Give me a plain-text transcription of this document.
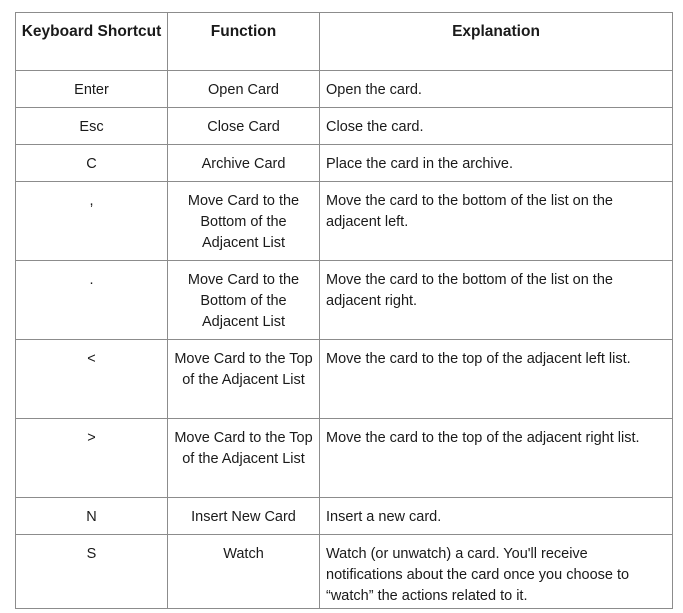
Keyboard Shortcut	Function	Explanation
Enter	Open Card	Open the card.
Esc	Close Card	Close the card.
C	Archive Card	Place the card in the archive.
,	Move Card to the Bottom of the Adjacent List	Move the card to the bottom of the list on the adjacent left.
.	Move Card to the Bottom of the Adjacent List	Move the card to the bottom of the list on the adjacent right.
<	Move Card to the Top of the Adjacent List	Move the card to the top of the adjacent left list.
>	Move Card to the Top of the Adjacent List	Move the card to the top of the adjacent right list.
N	Insert New Card	Insert a new card.
S	Watch	Watch (or unwatch) a card. You'll receive notifications about the card once you choose to “watch” the actions related to it.
